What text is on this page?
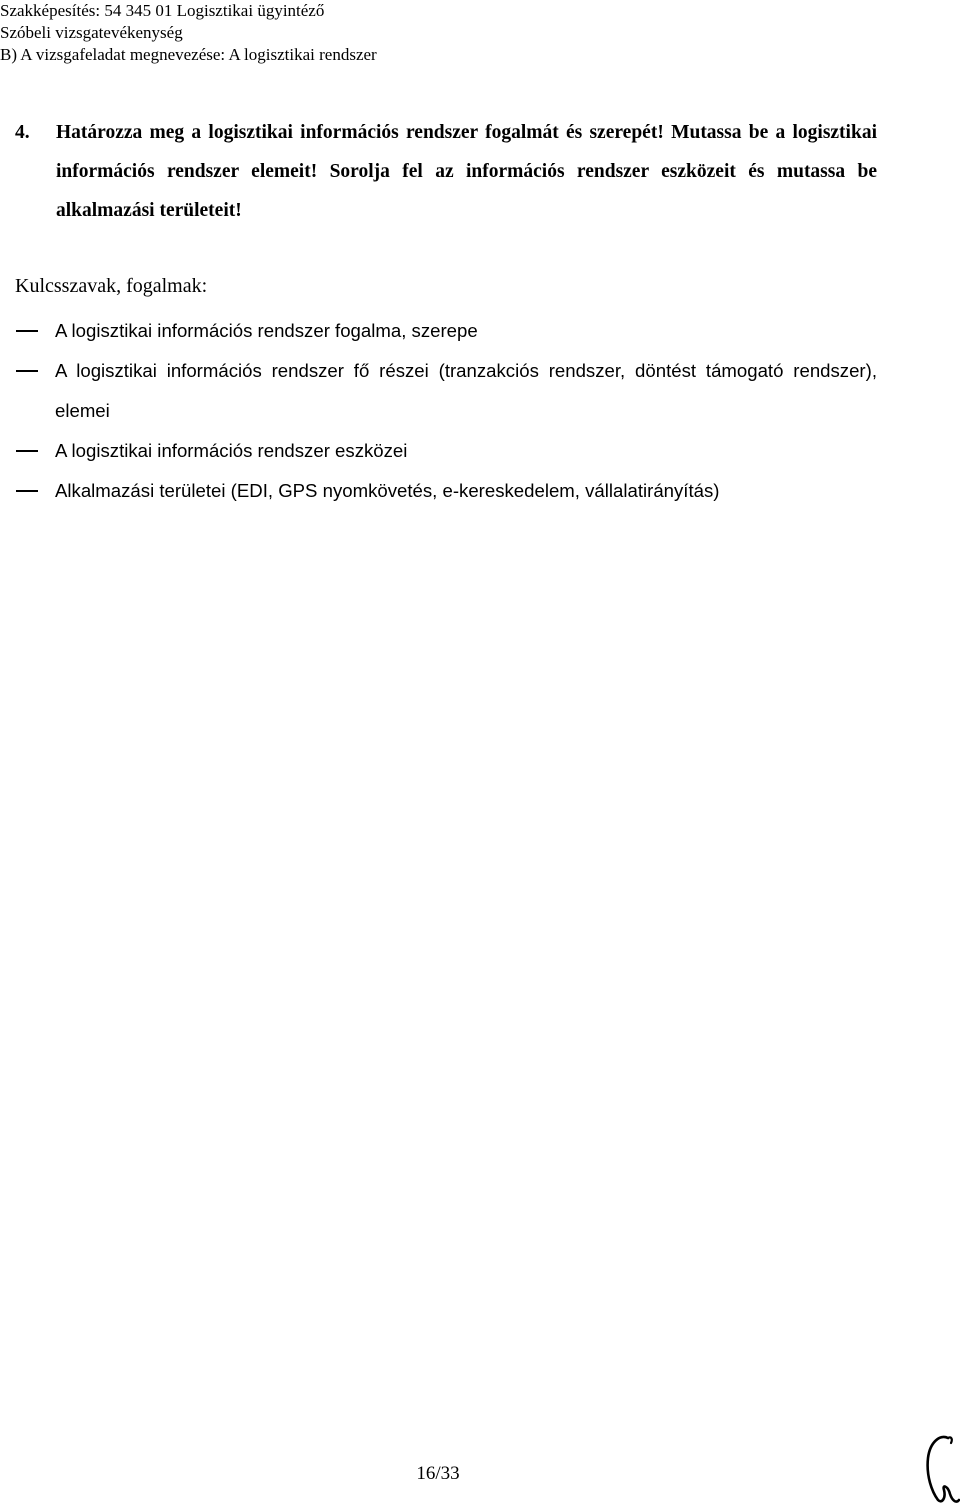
Szakképesítés: 54 345 01 Logisztikai ügyintéző
Szóbeli vizsgatevékenység
B) A vizsgafeladat megnevezése: A logisztikai rendszer
4. Határozza meg a logisztikai információs rendszer fogalmát és szerepét! Mutassa be a logisztikai információs rendszer elemeit! Sorolja fel az információs rendszer eszközeit és mutassa be alkalmazási területeit!
Kulcsszavak, fogalmak:
A logisztikai információs rendszer fogalma, szerepe
A logisztikai információs rendszer fő részei (tranzakciós rendszer, döntést támogató rendszer), elemei
A logisztikai információs rendszer eszközei
Alkalmazási területei (EDI, GPS nyomkövetés, e-kereskedelem, vállalatirányítás)
16/33
